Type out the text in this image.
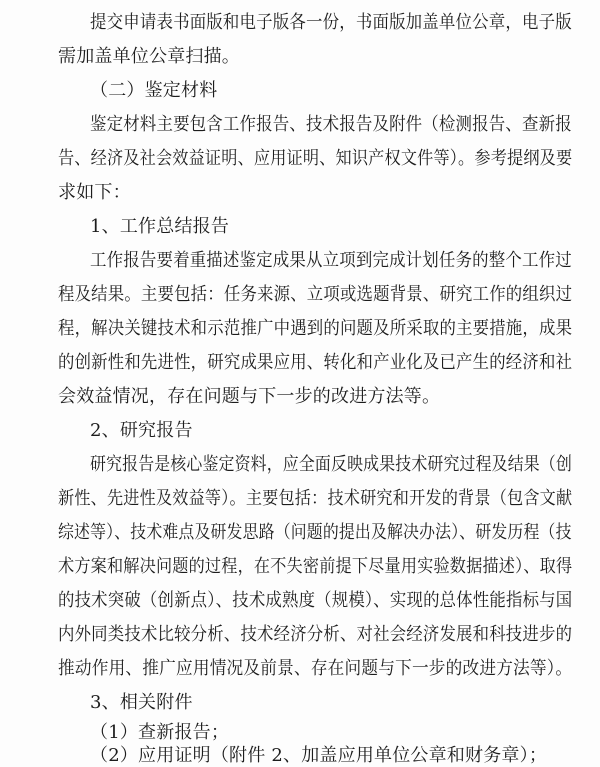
提交申请表书面版和电子版各一份，书面版加盖单位公章，电子版
需加盖单位公章扫描。
（二）鉴定材料
鉴定材料主要包含工作报告、技术报告及附件（检测报告、查新报
告、经济及社会效益证明、应用证明、知识产权文件等）。参考提纲及要
求如下：
1、工作总结报告
工作报告要着重描述鉴定成果从立项到完成计划任务的整个工作过
程及结果。主要包括：任务来源、立项或选题背景、研究工作的组织过
程，解决关键技术和示范推广中遇到的问题及所采取的主要措施，成果
的创新性和先进性，研究成果应用、转化和产业化及已产生的经济和社
会效益情况，存在问题与下一步的改进方法等。
2、研究报告
研究报告是核心鉴定资料，应全面反映成果技术研究过程及结果（创
新性、先进性及效益等）。主要包括：技术研究和开发的背景（包含文献
综述等）、技术难点及研发思路（问题的提出及解决办法）、研发历程（技
术方案和解决问题的过程，在不失密前提下尽量用实验数据描述）、取得
的技术突破（创新点）、技术成熟度（规模）、实现的总体性能指标与国
内外同类技术比较分析、技术经济分析、对社会经济发展和科技进步的
推动作用、推广应用情况及前景、存在问题与下一步的改进方法等）。
3、相关附件
（1）查新报告；
（2）应用证明（附件 2、加盖应用单位公章和财务章）；
